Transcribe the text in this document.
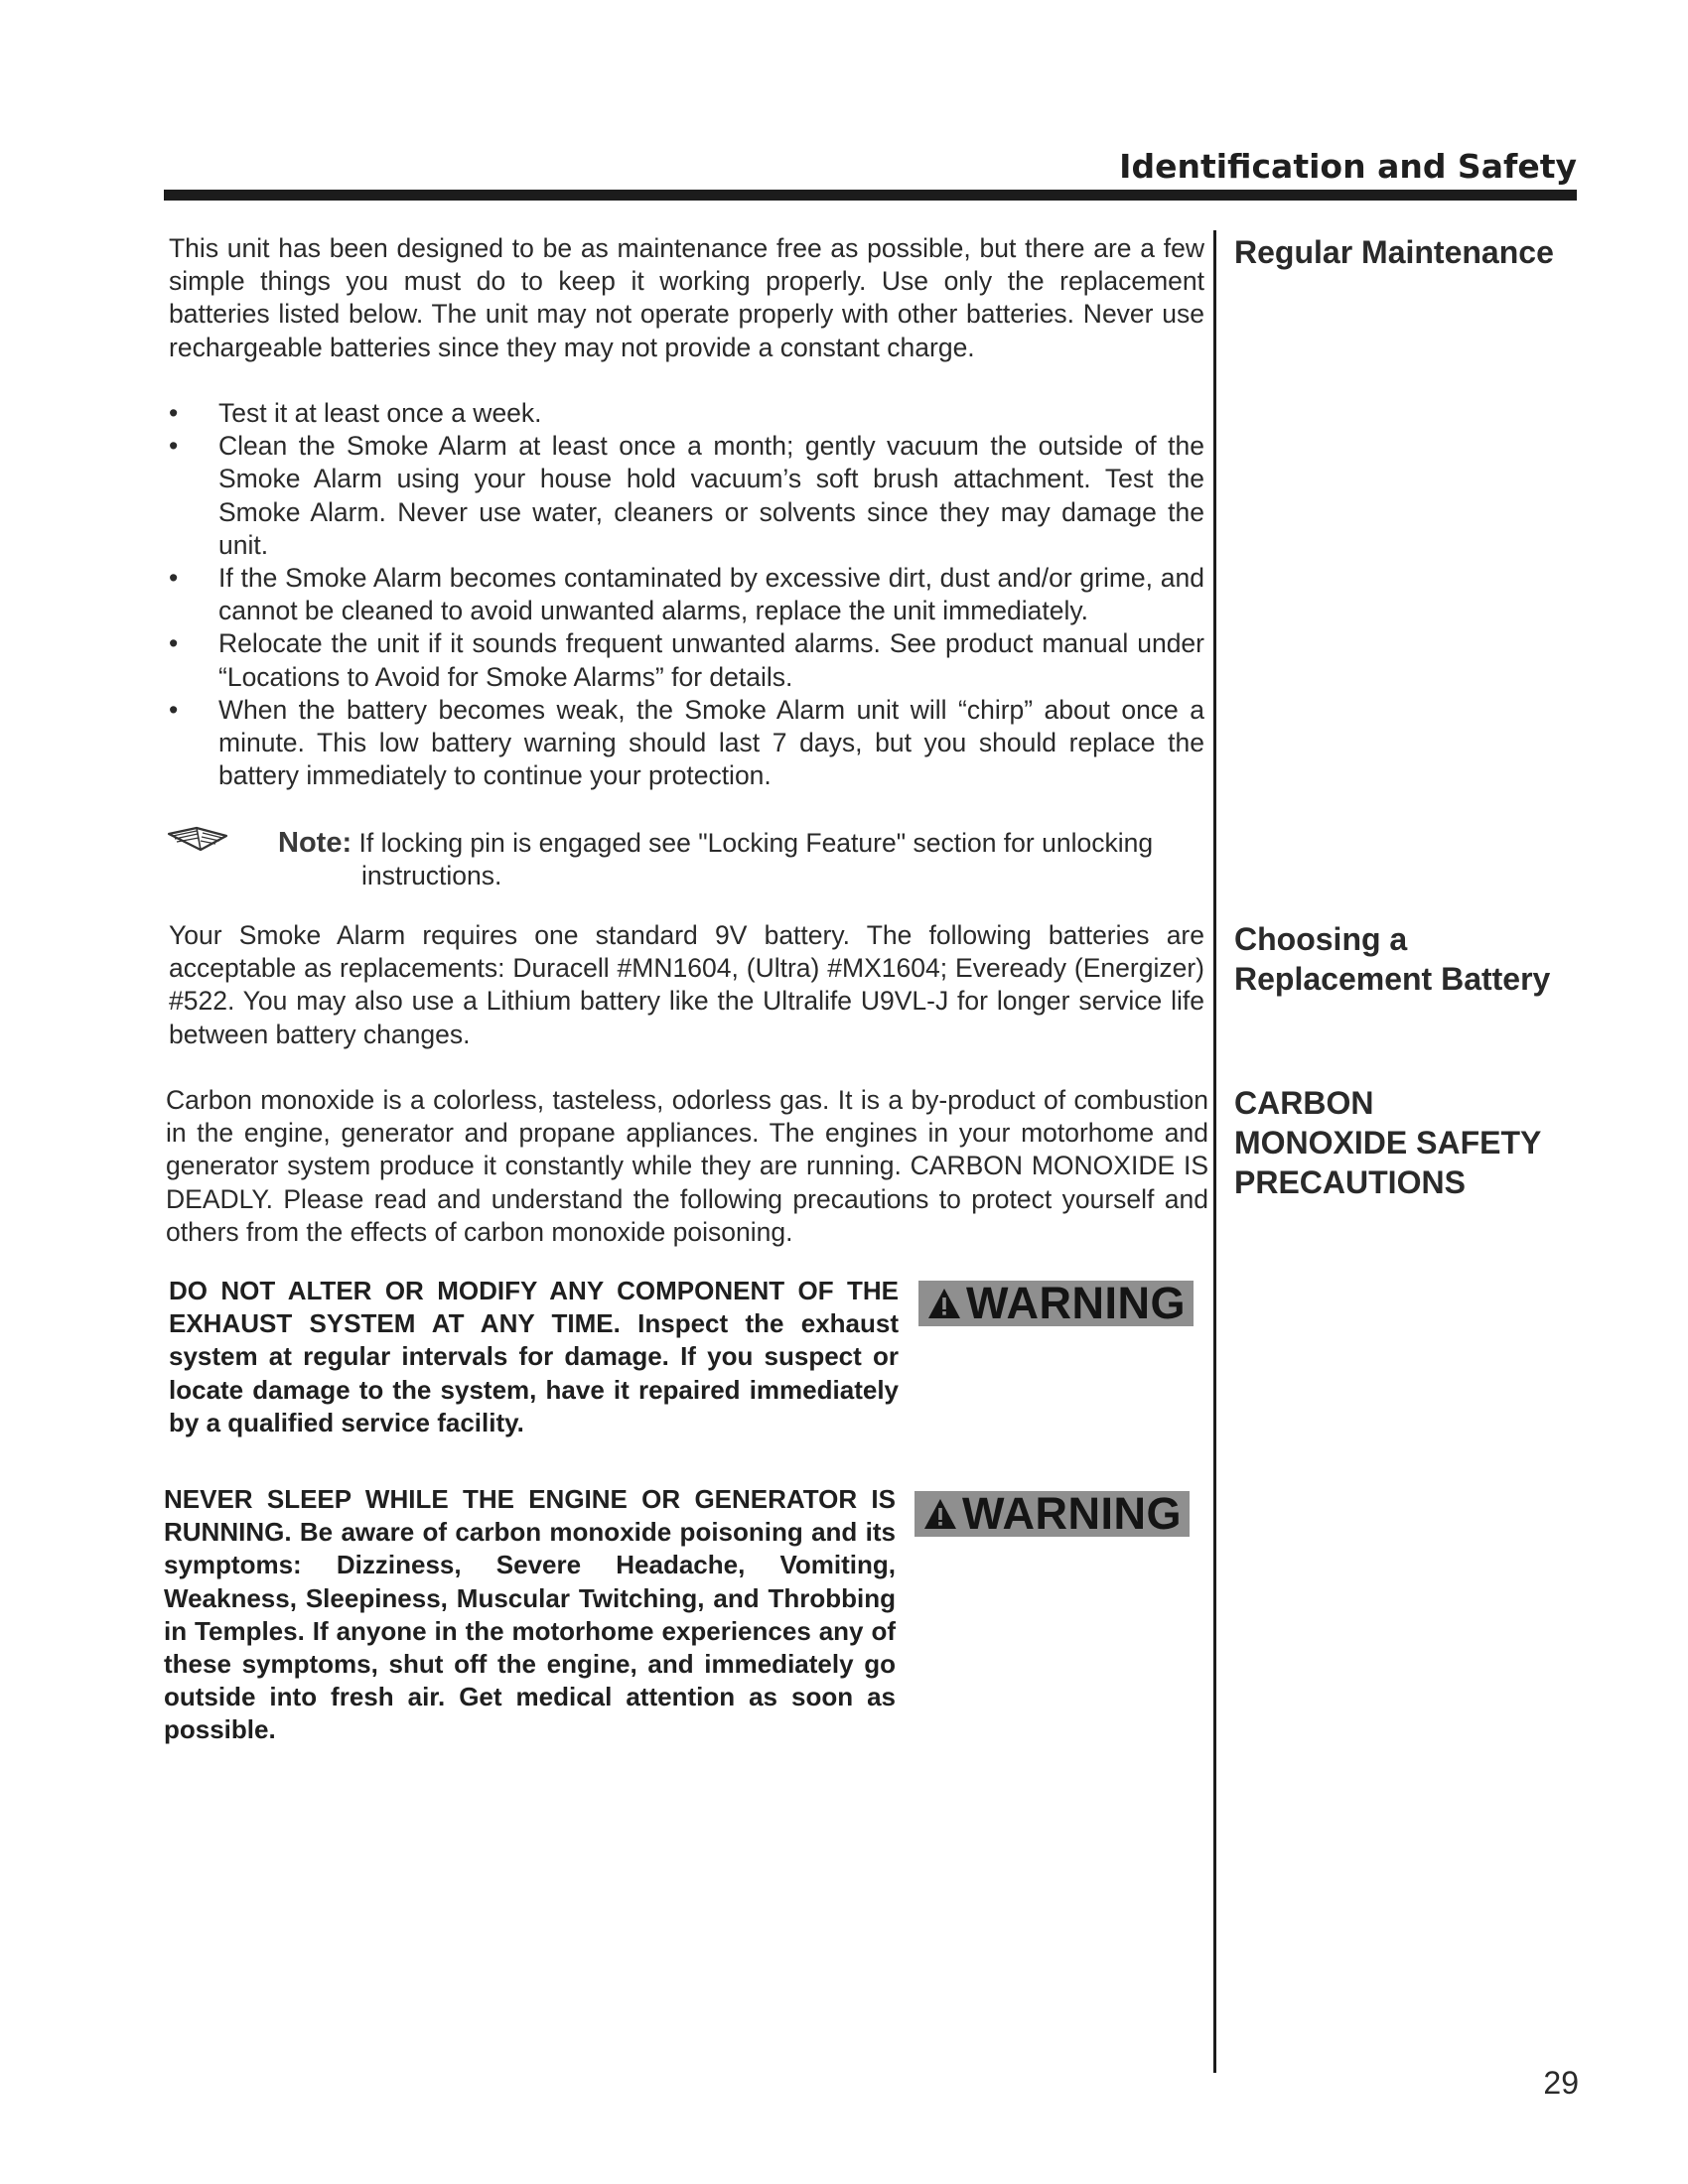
Identification and Safety

This unit has been designed to be as maintenance free as possible, but there are a few simple things you must do to keep it working properly. Use only the replacement batteries listed below. The unit may not operate properly with other batteries. Never use rechargeable batteries since they may not provide a constant charge.

Regular Maintenance
•	Test it at least once a week.
•	Clean the Smoke Alarm at least once a month; gently vacuum the outside of the Smoke Alarm using your house hold vacuum’s soft brush attachment. Test the Smoke Alarm. Never use water, cleaners or solvents since they may damage the unit.
•	If the Smoke Alarm becomes contaminated by excessive dirt, dust and/or grime, and cannot be cleaned to avoid unwanted alarms, replace the unit immediately.
•	Relocate the unit if it sounds frequent unwanted alarms. See product manual under “Locations to Avoid for Smoke Alarms” for details.
•	When the battery becomes weak, the Smoke Alarm unit will “chirp” about once a minute. This low battery warning should last 7 days, but you should replace the battery immediately to continue your protection.
Note: If locking pin is engaged see "Locking Feature" section for unlocking
instructions.

Your Smoke Alarm requires one standard 9V battery. The following batteries are acceptable as replacements: Duracell #MN1604, (Ultra) #MX1604; Eveready (Energizer) #522. You may also use a Lithium battery like the Ultralife U9VL-J for longer service life between battery changes.

Choosing a
Replacement Battery

Carbon monoxide is a colorless, tasteless, odorless gas. It is a by-product of combustion in the engine, generator and propane appliances. The engines in your motorhome and generator system produce it constantly while they are running. CARBON MONOXIDE IS DEADLY. Please read and understand the following precautions to protect yourself and others from the effects of carbon monoxide poisoning.

CARBON
MONOXIDE SAFETY
PRECAUTIONS
DO NOT ALTER OR MODIFY ANY COMPONENT OF THE EXHAUST SYSTEM AT ANY TIME. Inspect the exhaust system at regular intervals for damage. If you suspect or locate damage to the system, have it repaired immediately by a qualified service facility.
WARNING
NEVER SLEEP WHILE THE ENGINE OR GENERATOR IS RUNNING. Be aware of carbon monoxide poisoning and its symptoms: Dizziness, Severe Headache, Vomiting, Weakness, Sleepiness, Muscular Twitching, and Throbbing in Temples. If anyone in the motorhome experiences any of these symptoms, shut off the engine, and immediately go outside into fresh air. Get medical attention as soon as possible.
WARNING
29
